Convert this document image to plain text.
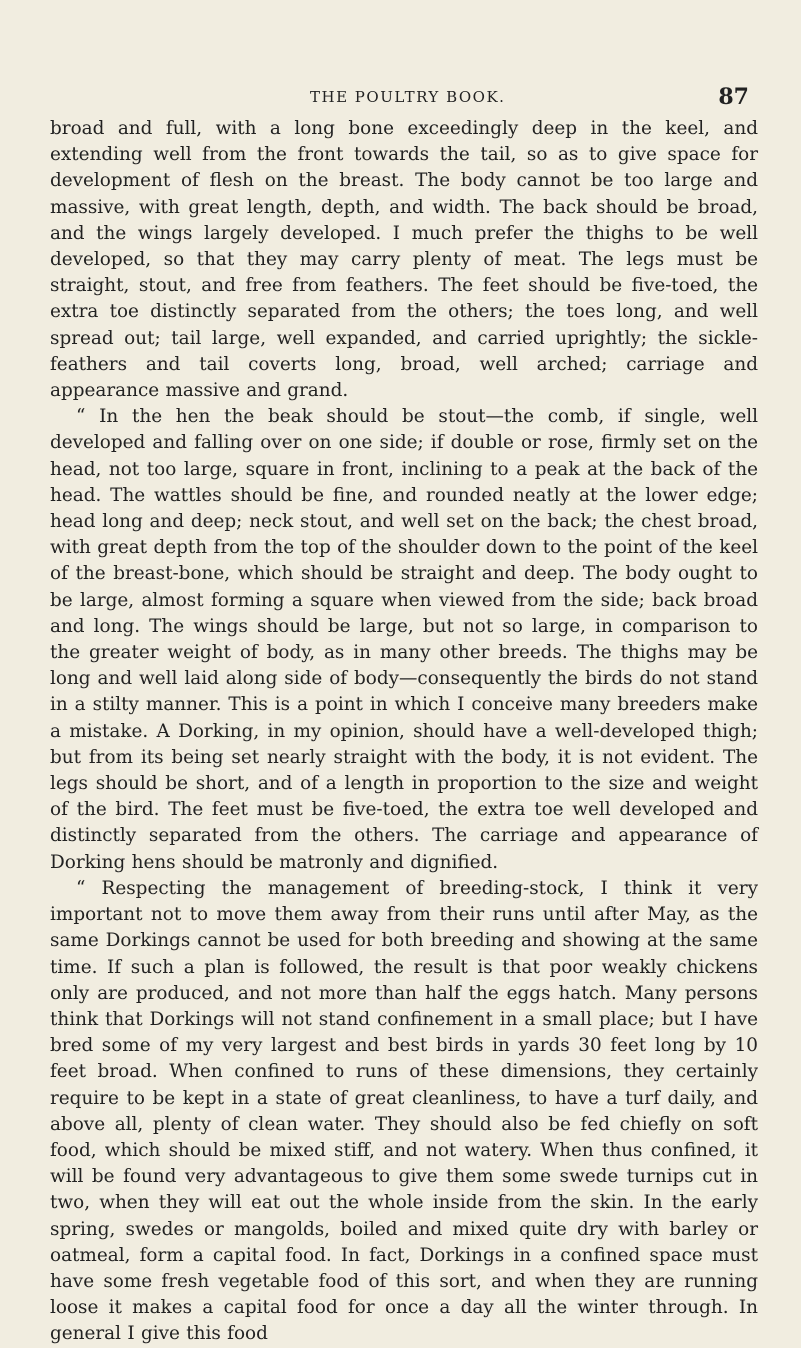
THE POULTRY BOOK.	87

broad and full, with a long bone exceedingly deep in the keel, and extending well from the front towards the tail, so as to give space for development of flesh on the breast. The body cannot be too large and massive, with great length, depth, and width. The back should be broad, and the wings largely developed. I much prefer the thighs to be well developed, so that they may carry plenty of meat. The legs must be straight, stout, and free from feathers. The feet should be five-toed, the extra toe distinctly separated from the others; the toes long, and well spread out; tail large, well expanded, and carried uprightly; the sickle-feathers and tail coverts long, broad, well arched; carriage and appearance massive and grand.

“ In the hen the beak should be stout—the comb, if single, well developed and falling over on one side; if double or rose, firmly set on the head, not too large, square in front, inclining to a peak at the back of the head. The wattles should be fine, and rounded neatly at the lower edge; head long and deep; neck stout, and well set on the back; the chest broad, with great depth from the top of the shoulder down to the point of the keel of the breast-bone, which should be straight and deep. The body ought to be large, almost forming a square when viewed from the side; back broad and long. The wings should be large, but not so large, in comparison to the greater weight of body, as in many other breeds. The thighs may be long and well laid along side of body—consequently the birds do not stand in a stilty manner. This is a point in which I conceive many breeders make a mistake. A Dorking, in my opinion, should have a well-developed thigh; but from its being set nearly straight with the body, it is not evident. The legs should be short, and of a length in proportion to the size and weight of the bird. The feet must be five-toed, the extra toe well developed and distinctly separated from the others. The carriage and appearance of Dorking hens should be matronly and dignified.

“ Respecting the management of breeding-stock, I think it very important not to move them away from their runs until after May, as the same Dorkings cannot be used for both breeding and showing at the same time. If such a plan is followed, the result is that poor weakly chickens only are produced, and not more than half the eggs hatch. Many persons think that Dorkings will not stand confinement in a small place; but I have bred some of my very largest and best birds in yards 30 feet long by 10 feet broad. When confined to runs of these dimensions, they certainly require to be kept in a state of great cleanliness, to have a turf daily, and above all, plenty of clean water. They should also be fed chiefly on soft food, which should be mixed stiff, and not watery. When thus confined, it will be found very advantageous to give them some swede turnips cut in two, when they will eat out the whole inside from the skin. In the early spring, swedes or mangolds, boiled and mixed quite dry with barley or oatmeal, form a capital food. In fact, Dorkings in a confined space must have some fresh vegetable food of this sort, and when they are running loose it makes a capital food for once a day all the winter through. In general I give this food
